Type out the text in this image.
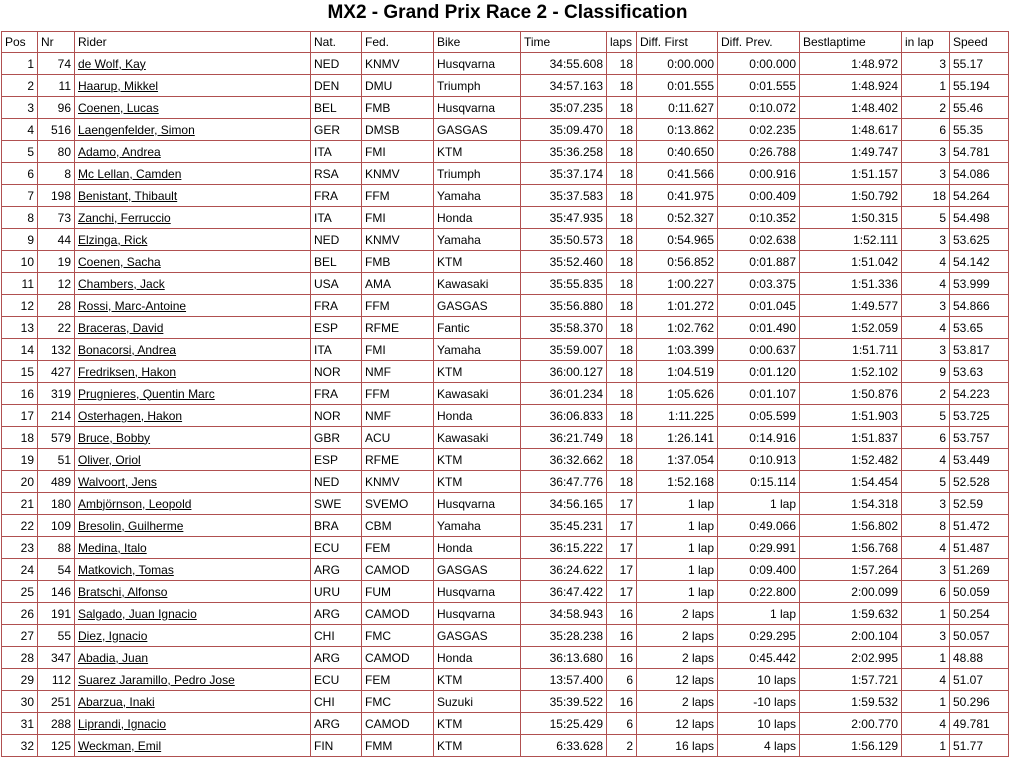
MX2 - Grand Prix Race 2 - Classification
Pos	Nr	Rider	Nat.	Fed.	Bike	Time	laps	Diff. First	Diff. Prev.	Bestlaptime	in lap	Speed
1	74	de Wolf, Kay	NED	KNMV	Husqvarna	34:55.608	18	0:00.000	0:00.000	1:48.972	3	55.17
2	11	Haarup, Mikkel	DEN	DMU	Triumph	34:57.163	18	0:01.555	0:01.555	1:48.924	1	55.194
3	96	Coenen, Lucas	BEL	FMB	Husqvarna	35:07.235	18	0:11.627	0:10.072	1:48.402	2	55.46
4	516	Laengenfelder, Simon	GER	DMSB	GASGAS	35:09.470	18	0:13.862	0:02.235	1:48.617	6	55.35
5	80	Adamo, Andrea	ITA	FMI	KTM	35:36.258	18	0:40.650	0:26.788	1:49.747	3	54.781
6	8	Mc Lellan, Camden	RSA	KNMV	Triumph	35:37.174	18	0:41.566	0:00.916	1:51.157	3	54.086
7	198	Benistant, Thibault	FRA	FFM	Yamaha	35:37.583	18	0:41.975	0:00.409	1:50.792	18	54.264
8	73	Zanchi, Ferruccio	ITA	FMI	Honda	35:47.935	18	0:52.327	0:10.352	1:50.315	5	54.498
9	44	Elzinga, Rick	NED	KNMV	Yamaha	35:50.573	18	0:54.965	0:02.638	1:52.111	3	53.625
10	19	Coenen, Sacha	BEL	FMB	KTM	35:52.460	18	0:56.852	0:01.887	1:51.042	4	54.142
11	12	Chambers, Jack	USA	AMA	Kawasaki	35:55.835	18	1:00.227	0:03.375	1:51.336	4	53.999
12	28	Rossi, Marc-Antoine	FRA	FFM	GASGAS	35:56.880	18	1:01.272	0:01.045	1:49.577	3	54.866
13	22	Braceras, David	ESP	RFME	Fantic	35:58.370	18	1:02.762	0:01.490	1:52.059	4	53.65
14	132	Bonacorsi, Andrea	ITA	FMI	Yamaha	35:59.007	18	1:03.399	0:00.637	1:51.711	3	53.817
15	427	Fredriksen, Hakon	NOR	NMF	KTM	36:00.127	18	1:04.519	0:01.120	1:52.102	9	53.63
16	319	Prugnieres, Quentin Marc	FRA	FFM	Kawasaki	36:01.234	18	1:05.626	0:01.107	1:50.876	2	54.223
17	214	Osterhagen, Hakon	NOR	NMF	Honda	36:06.833	18	1:11.225	0:05.599	1:51.903	5	53.725
18	579	Bruce, Bobby	GBR	ACU	Kawasaki	36:21.749	18	1:26.141	0:14.916	1:51.837	6	53.757
19	51	Oliver, Oriol	ESP	RFME	KTM	36:32.662	18	1:37.054	0:10.913	1:52.482	4	53.449
20	489	Walvoort, Jens	NED	KNMV	KTM	36:47.776	18	1:52.168	0:15.114	1:54.454	5	52.528
21	180	Ambjörnson, Leopold	SWE	SVEMO	Husqvarna	34:56.165	17	1 lap	1 lap	1:54.318	3	52.59
22	109	Bresolin, Guilherme	BRA	CBM	Yamaha	35:45.231	17	1 lap	0:49.066	1:56.802	8	51.472
23	88	Medina, Italo	ECU	FEM	Honda	36:15.222	17	1 lap	0:29.991	1:56.768	4	51.487
24	54	Matkovich, Tomas	ARG	CAMOD	GASGAS	36:24.622	17	1 lap	0:09.400	1:57.264	3	51.269
25	146	Bratschi, Alfonso	URU	FUM	Husqvarna	36:47.422	17	1 lap	0:22.800	2:00.099	6	50.059
26	191	Salgado, Juan Ignacio	ARG	CAMOD	Husqvarna	34:58.943	16	2 laps	1 lap	1:59.632	1	50.254
27	55	Diez, Ignacio	CHI	FMC	GASGAS	35:28.238	16	2 laps	0:29.295	2:00.104	3	50.057
28	347	Abadia, Juan	ARG	CAMOD	Honda	36:13.680	16	2 laps	0:45.442	2:02.995	1	48.88
29	112	Suarez Jaramillo, Pedro Jose	ECU	FEM	KTM	13:57.400	6	12 laps	10 laps	1:57.721	4	51.07
30	251	Abarzua, Inaki	CHI	FMC	Suzuki	35:39.522	16	2 laps	-10 laps	1:59.532	1	50.296
31	288	Liprandi, Ignacio	ARG	CAMOD	KTM	15:25.429	6	12 laps	10 laps	2:00.770	4	49.781
32	125	Weckman, Emil	FIN	FMM	KTM	6:33.628	2	16 laps	4 laps	1:56.129	1	51.77
